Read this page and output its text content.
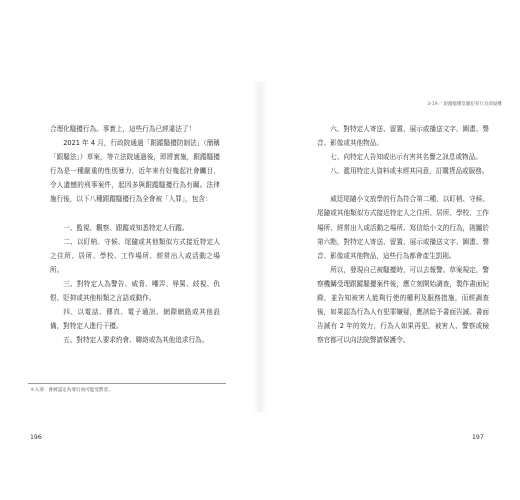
3-19／ 跟蹤騷擾當屬犯罪行為與疑難

合理化騷擾行為。事實上，這些行為已經違法了！

2021 年 4 月，行政院通過「跟蹤騷擾防制法」（簡稱「跟騷法」）草案，等立法院通過後，即將實施，跟蹤騷擾行為是一種嚴重的性別暴力，近年來有好幾起社會矚目，令人遺憾的刑事案件，起因多與跟蹤騷擾行為有關。法律施行後，以下八種跟蹤騷擾行為全會被「入罪」，包含：

一、監視、觀察、跟蹤或知悉特定人行蹤。

二、以盯梢、守候、尾隨或其他類似方式接近特定人之住所、居所、學校、工作場所、經常出入或活動之場所。

三、對特定人為警告、威脅、嘲弄、辱罵、歧視、仇恨、貶抑或其他相類之言語或動作。

四、以電話、傳真、電子通訊、網際網路或其他設備，對特定人進行干擾。

五、對特定人要求約會、聯絡或為其他追求行為。

＊入罪：會被認定為罪行而可能受罰者。
196

六、對特定人寄送、留置、展示或播送文字、圖畫、聲音、影像或其他物品。

七、向特定人告知或出示有害其名譽之訊息或物品。

八、濫用特定人資料或未經其同意，訂購貨品或服務。

威廷尾隨小文放學的行為符合第二種，以盯梢、守候、尾隨或其他類似方式接近特定人之住所、居所、學校、工作場所、經常出入或活動之場所。寫信給小文的行為，則屬於第六點，對特定人寄送、留置、展示或播送文字、圖畫、聲音、影像或其他物品，這些行為都會產生罰則。

所以，發現自己被騷擾時，可以去報警。草案規定，警察機關受理跟蹤騷擾案件後，應立刻開始調查，製作書面紀錄，並告知被害人能夠行使的權利及服務措施，而經調查後，如果認為行為人有犯罪嫌疑，應該給予書面告誡。書面告誡有 2 年的效力，行為人如果再犯，被害人、警察或檢察官都可以向法院聲請保護令。

197
